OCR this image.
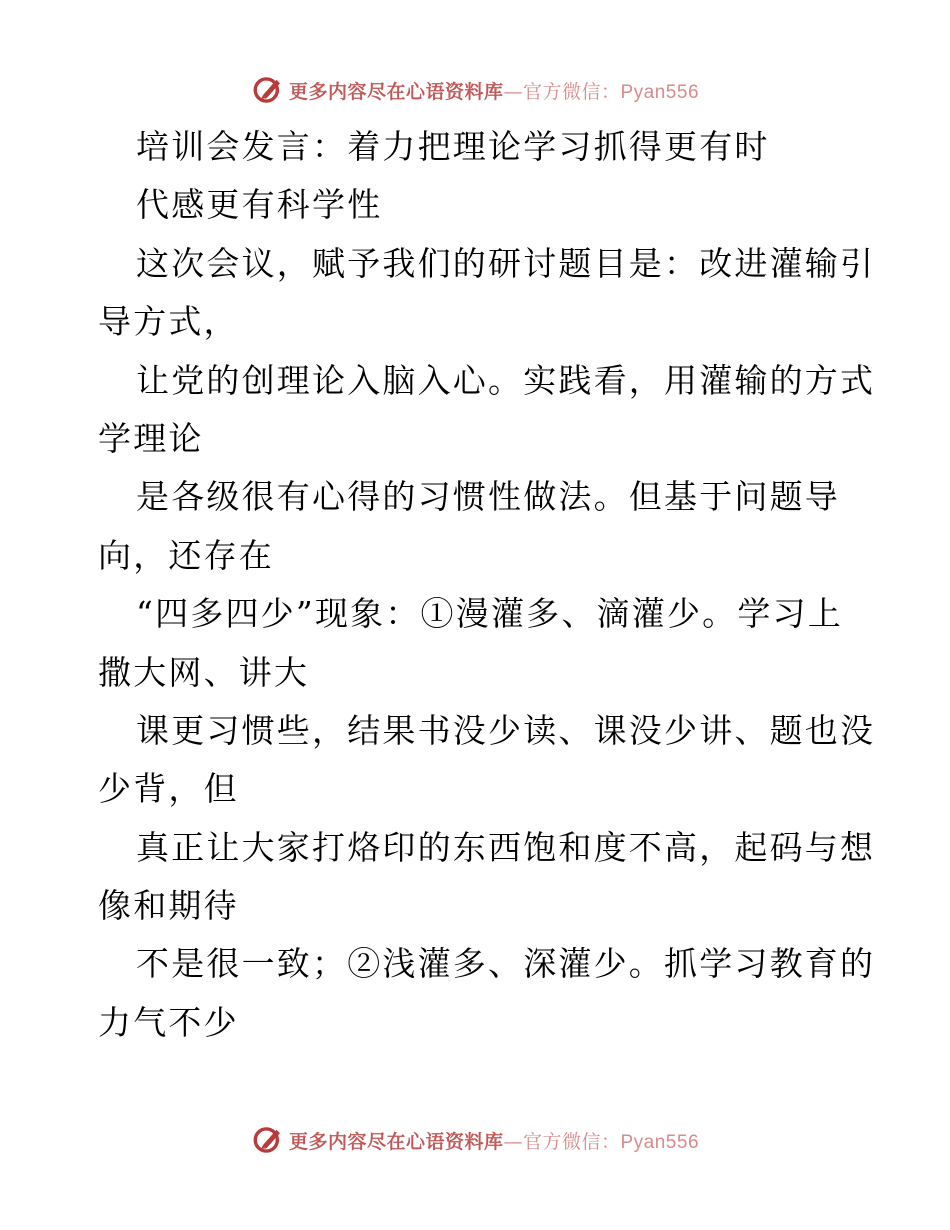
更多内容尽在心语资料库—官方微信：Pyan556
培训会发言：着力把理论学习抓得更有时
代感更有科学性
这次会议，赋予我们的研讨题目是：改进灌输引
导方式，
让党的创理论入脑入心。实践看，用灌输的方式
学理论
是各级很有心得的习惯性做法。但基于问题导
向，还存在
“四多四少”现象：①漫灌多、滴灌少。学习上
撒大网、讲大
课更习惯些，结果书没少读、课没少讲、题也没
少背，但
真正让大家打烙印的东西饱和度不高，起码与想
像和期待
不是很一致；②浅灌多、深灌少。抓学习教育的
力气不少
更多内容尽在心语资料库—官方微信：Pyan556
